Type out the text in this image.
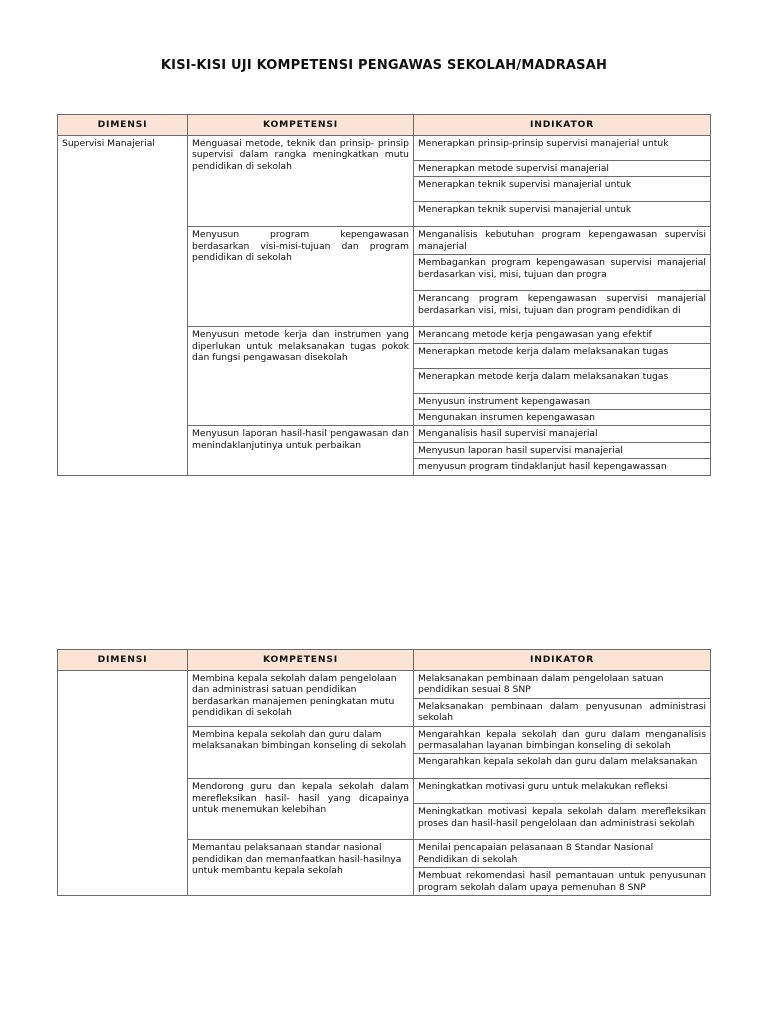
KISI-KISI UJI KOMPETENSI PENGAWAS SEKOLAH/MADRASAH
DIMENSI	KOMPETENSI	INDIKATOR
Supervisi Manajerial	Menguasai metode, teknik dan prinsip- prinsip supervisi dalam rangka meningkatkan mutu pendidikan di sekolah	Menerapkan prinsip-prinsip supervisi manajerial untuk
		Menerapkan metode supervisi manajerial
		Menerapkan teknik supervisi manajerial untuk
		Menerapkan teknik supervisi manajerial untuk
	Menyusun program kepengawasan berdasarkan visi-misi-tujuan dan program pendidikan di sekolah	Menganalisis kebutuhan program kepengawasan supervisi manajerial
		Membagankan program kepengawasan supervisi manajerial berdasarkan visi, misi, tujuan dan progra
		Merancang program kepengawasan supervisi manajerial berdasarkan visi, misi, tujuan dan program pendidikan di
	Menyusun metode kerja dan instrumen yang diperlukan untuk melaksanakan tugas pokok dan fungsi pengawasan disekolah	Merancang metode kerja pengawasan yang efektif
		Menerapkan metode kerja dalam melaksanakan tugas
		Menerapkan metode kerja dalam melaksanakan tugas
		Menyusun instrument kepengawasan
		Mengunakan insrumen kepengawasan
	Menyusun laporan hasil-hasil pengawasan dan menindaklanjutinya untuk perbaikan	Menganalisis hasil supervisi manajerial
		Menyusun laporan hasil supervisi manajerial
		menyusun program tindaklanjut hasil kepengawassan
DIMENSI	KOMPETENSI	INDIKATOR
	Membina kepala sekolah dalam pengelolaan dan administrasi satuan pendidikan berdasarkan manajemen peningkatan mutu pendidikan di sekolah	Melaksanakan pembinaan dalam pengelolaan satuan pendidikan sesuai 8 SNP
		Melaksanakan pembinaan dalam penyusunan administrasi sekolah
	Membina kepala sekolah dan guru dalam melaksanakan bimbingan konseling di sekolah	Mengarahkan kepala sekolah dan guru dalam menganalisis permasalahan layanan bimbingan konseling di sekolah
		Mengarahkan kepala sekolah dan guru dalam melaksanakan
	Mendorong guru dan kepala sekolah dalam merefleksikan hasil- hasil yang dicapainya untuk menemukan kelebihan	Meningkatkan motivasi guru untuk melakukan refleksi
		Meningkatkan motivasi kepala sekolah dalam merefleksikan proses dan hasil-hasil pengelolaan dan administrasi sekolah
	Memantau pelaksanaan standar nasional pendidikan dan memanfaatkan hasil-hasilnya untuk membantu kepala sekolah	Menilai pencapaian pelasanaan 8 Standar Nasional Pendidikan di sekolah
		Membuat rekomendasi hasil pemantauan untuk penyusunan program sekolah dalam upaya pemenuhan 8 SNP
